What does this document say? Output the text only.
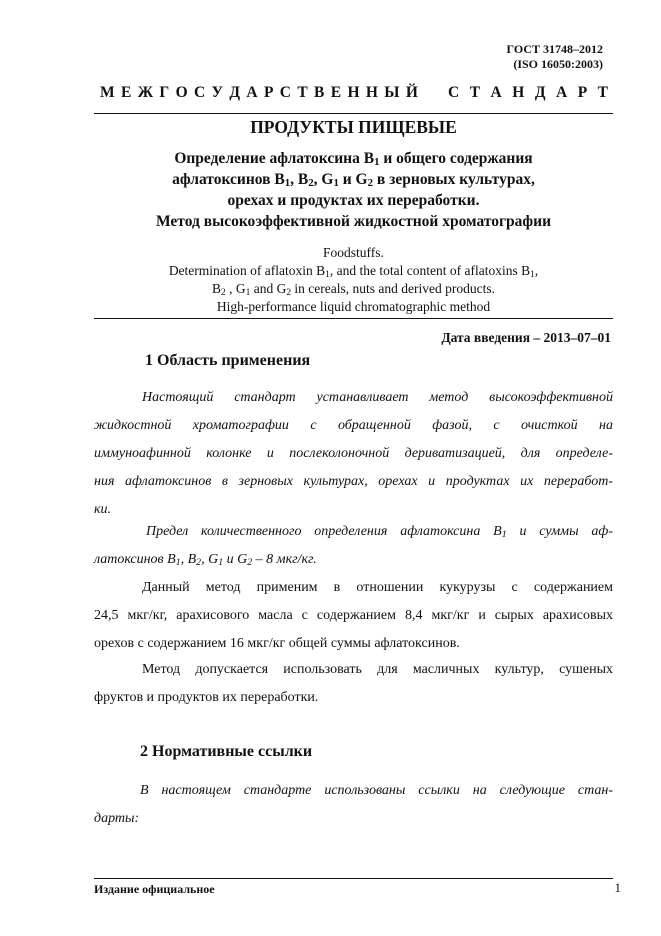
ГОСТ 31748–2012
(ISO 16050:2003)
М Е Ж Г О С У Д А Р С Т В Е Н Н Ы Й С Т А Н Д А Р Т
ПРОДУКТЫ ПИЩЕВЫЕ
Определение афлатоксина $B_1$ и общего содержания
афлатоксинов $B_1$, $B_2$, $G_1$ и $G_2$ в зерновых культурах,
орехах и продуктах их переработки.
Метод высокоэффективной жидкостной хроматографии
Foodstuffs.
Determination of aflatoxin $B_1$, and the total content of aflatoxins $B_1$,
$B_2$ , $G_1$ and $G_2$ in cereals, nuts and derived products.
High-performance liquid chromatographic method
Дата введения – 2013–07–01
1 Область применения
Настоящий стандарт устанавливает метод высокоэффективной
жидкостной хроматографии с обращенной фазой, с очисткой на
иммуноафинной колонке и послеколоночной дериватизацией, для определе-
ния афлатоксинов в зерновых культурах, орехах и продуктах их переработ-
ки.
Предел количественного определения афлатоксина $B_1$ и суммы аф-
латоксинов $B_1$, $B_2$, $G_1$ и $G_2 - 8$ мкг/кг.
Данный метод применим в отношении кукурузы с содержанием
24,5 мкг/кг, арахисового масла с содержанием 8,4 мкг/кг и сырых арахисовых
орехов с содержанием 16 мкг/кг общей суммы афлатоксинов.
Метод допускается использовать для масличных культур, сушеных
фруктов и продуктов их переработки.
2 Нормативные ссылки
В настоящем стандарте использованы ссылки на следующие стан-
дарты:
Издание официальное	1
